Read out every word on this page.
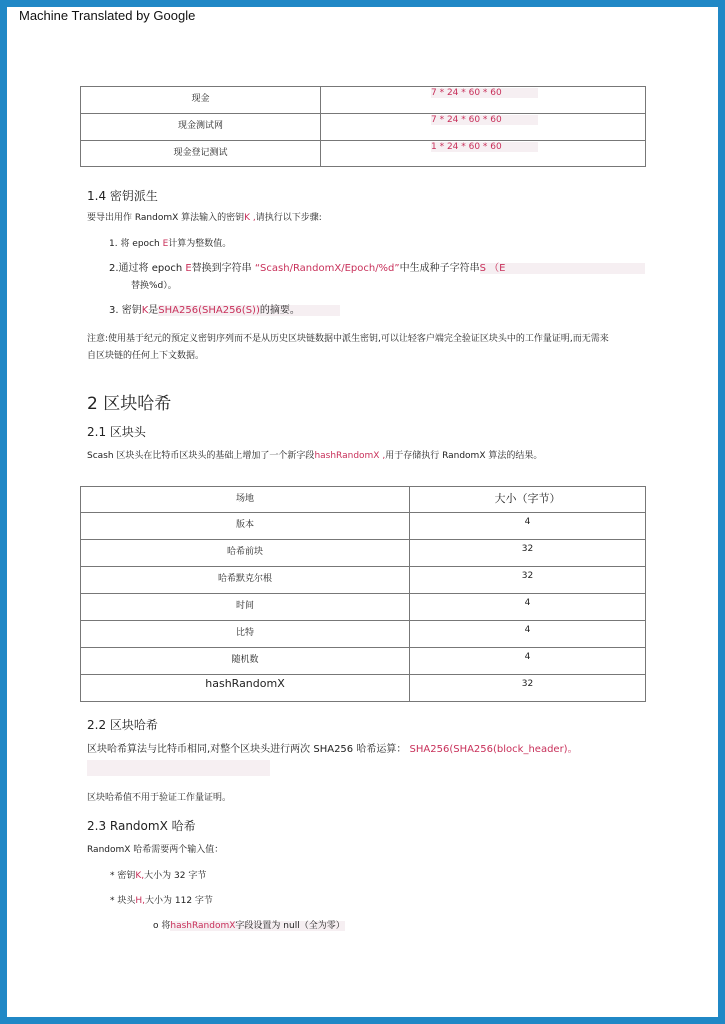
Machine Translated by Google
现金	7 * 24 * 60 * 60
现金测试网	7 * 24 * 60 * 60
现金登记测试	1 * 24 * 60 * 60
1.4 密钥派生
要导出用作 RandomX 算法输入的密钥K ,请执行以下步骤:
1. 将 epoch E计算为整数值。
2.通过将 epoch E替换到字符串 “Scash/RandomX/Epoch/%d”中生成种子字符串S （E
替换%d）。
3. 密钥K是SHA256(SHA256(S))的摘要。
注意:使用基于纪元的预定义密钥序列而不是从历史区块链数据中派生密钥,可以让轻客户端完全验证区块头中的工作量证明,而无需来
自区块链的任何上下文数据。
2 区块哈希
2.1 区块头
Scash 区块头在比特币区块头的基础上增加了一个新字段hashRandomX ,用于存储执行 RandomX 算法的结果。
场地	大小（字节）
版本	4
哈希前块	32
哈希默克尔根	32
时间	4
比特	4
随机数	4
hashRandomX	32
2.2 区块哈希
区块哈希算法与比特币相同,对整个区块头进行两次 SHA256 哈希运算： SHA256(SHA256(block_header)。
区块哈希值不用于验证工作量证明。
2.3 RandomX 哈希
RandomX 哈希需要两个输入值：
* 密钥K,大小为 32 字节
* 块头H,大小为 112 字节
o 将hashRandomX字段设置为 null（全为零）
